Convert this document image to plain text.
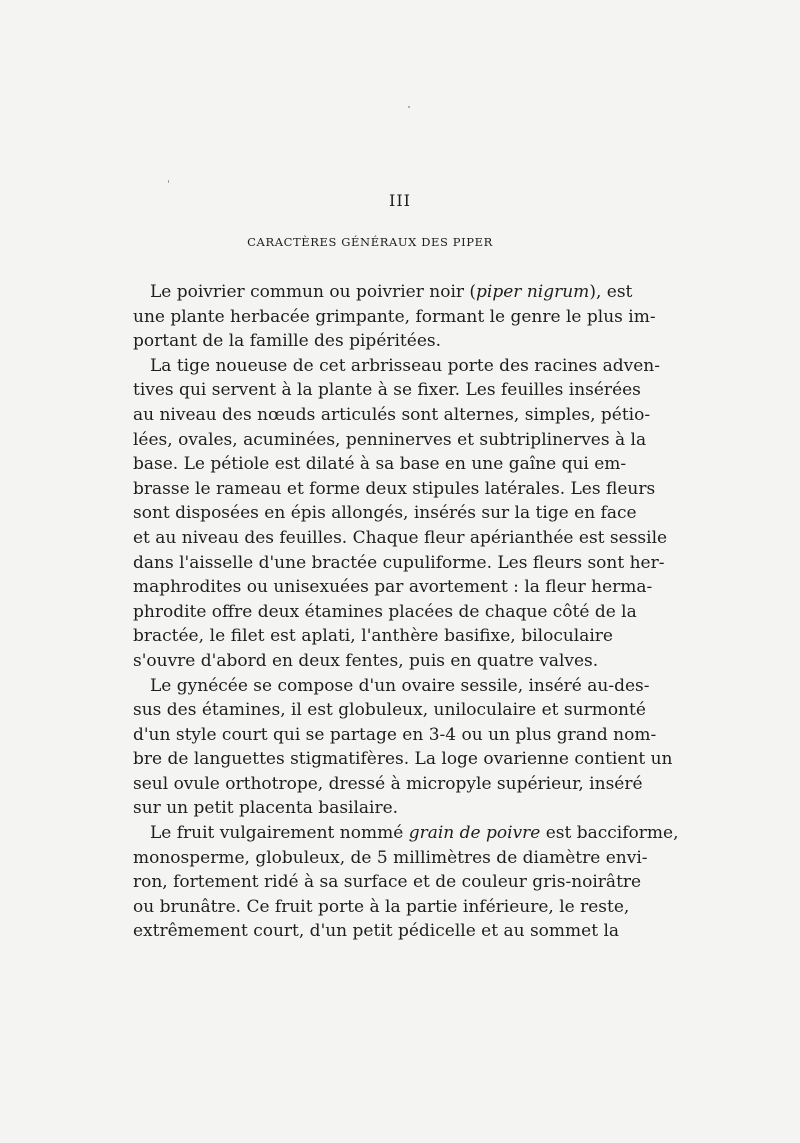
III
CARACTÈRES GÉNÉRAUX DES PIPER
Le poivrier commun ou poivrier noir (piper nigrum), est
une plante herbacée grimpante, formant le genre le plus im-
portant de la famille des pipéritées.
La tige noueuse de cet arbrisseau porte des racines adven-
tives qui servent à la plante à se fixer. Les feuilles insérées
au niveau des nœuds articulés sont alternes, simples, pétio-
lées, ovales, acuminées, penninerves et subtriplinerves à la
base. Le pétiole est dilaté à sa base en une gaîne qui em-
brasse le rameau et forme deux stipules latérales. Les fleurs
sont disposées en épis allongés, insérés sur la tige en face
et au niveau des feuilles. Chaque fleur apérianthée est sessile
dans l'aisselle d'une bractée cupuliforme. Les fleurs sont her-
maphrodites ou unisexuées par avortement : la fleur herma-
phrodite offre deux étamines placées de chaque côté de la
bractée, le filet est aplati, l'anthère basifixe, biloculaire
s'ouvre d'abord en deux fentes, puis en quatre valves.
Le gynécée se compose d'un ovaire sessile, inséré au-des-
sus des étamines, il est globuleux, uniloculaire et surmonté
d'un style court qui se partage en 3-4 ou un plus grand nom-
bre de languettes stigmatifères. La loge ovarienne contient un
seul ovule orthotrope, dressé à micropyle supérieur, inséré
sur un petit placenta basilaire.
Le fruit vulgairement nommé grain de poivre est bacciforme,
monosperme, globuleux, de 5 millimètres de diamètre envi-
ron, fortement ridé à sa surface et de couleur gris-noirâtre
ou brunâtre. Ce fruit porte à la partie inférieure, le reste,
extrêmement court, d'un petit pédicelle et au sommet la
